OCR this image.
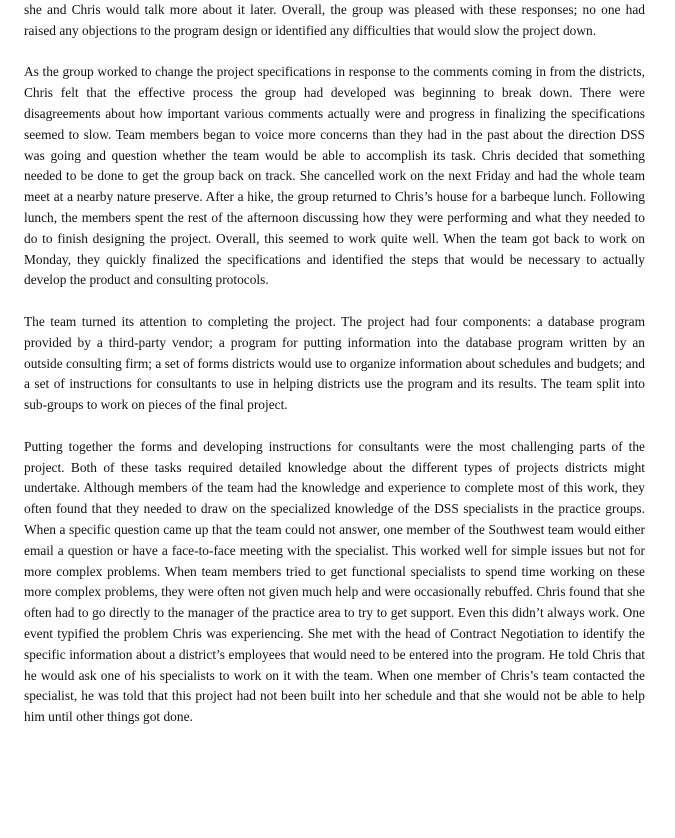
she and Chris would talk more about it later. Overall, the group was pleased with these responses; no one had raised any objections to the program design or identified any difficulties that would slow the project down.

As the group worked to change the project specifications in response to the comments coming in from the districts, Chris felt that the effective process the group had developed was beginning to break down. There were disagreements about how important various comments actually were and progress in finalizing the specifications seemed to slow. Team members began to voice more concerns than they had in the past about the direction DSS was going and question whether the team would be able to accomplish its task. Chris decided that something needed to be done to get the group back on track. She cancelled work on the next Friday and had the whole team meet at a nearby nature preserve. After a hike, the group returned to Chris’s house for a barbeque lunch. Following lunch, the members spent the rest of the afternoon discussing how they were performing and what they needed to do to finish designing the project. Overall, this seemed to work quite well. When the team got back to work on Monday, they quickly finalized the specifications and identified the steps that would be necessary to actually develop the product and consulting protocols.

The team turned its attention to completing the project. The project had four components: a database program provided by a third-party vendor; a program for putting information into the database program written by an outside consulting firm; a set of forms districts would use to organize information about schedules and budgets; and a set of instructions for consultants to use in helping districts use the program and its results. The team split into sub-groups to work on pieces of the final project.

Putting together the forms and developing instructions for consultants were the most challenging parts of the project. Both of these tasks required detailed knowledge about the different types of projects districts might undertake. Although members of the team had the knowledge and experience to complete most of this work, they often found that they needed to draw on the specialized knowledge of the DSS specialists in the practice groups. When a specific question came up that the team could not answer, one member of the Southwest team would either email a question or have a face-to-face meeting with the specialist. This worked well for simple issues but not for more complex problems. When team members tried to get functional specialists to spend time working on these more complex problems, they were often not given much help and were occasionally rebuffed. Chris found that she often had to go directly to the manager of the practice area to try to get support. Even this didn’t always work. One event typified the problem Chris was experiencing. She met with the head of Contract Negotiation to identify the specific information about a district’s employees that would need to be entered into the program. He told Chris that he would ask one of his specialists to work on it with the team. When one member of Chris’s team contacted the specialist, he was told that this project had not been built into her schedule and that she would not be able to help him until other things got done.
